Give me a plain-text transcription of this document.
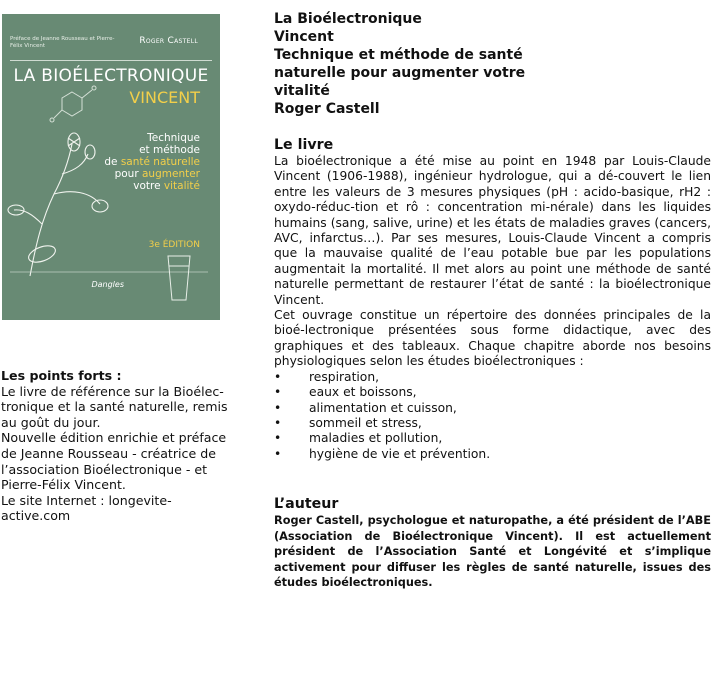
Préface de Jeanne Rousseau et Pierre-Félix Vincent	Roger Castell
LA BIOÉLECTRONIQUE
VINCENT
Technique
et méthode
de santé naturelle
pour augmenter
votre vitalité
3e ÉDITION
Dangles
Les points forts :
Le livre de référence sur la Bioélec-
tronique et la santé naturelle, remis
au goût du jour.
Nouvelle édition enrichie et préface
de Jeanne Rousseau - créatrice de
l’association Bioélectronique - et
Pierre-Félix Vincent.
Le site Internet : longevite-active.com

La Bioélectronique

Vincent

Technique et méthode de santé

naturelle pour augmenter votre

vitalité

Roger Castell

Le livre

La bioélectronique a été mise au point en 1948 par Louis-Claude Vincent (1906-1988), ingénieur hydrologue, qui a dé-couvert le lien entre les valeurs de 3 mesures physiques (pH : acido-basique, rH2 : oxydo-réduc-tion et rô : concentration mi-nérale) dans les liquides humains (sang, salive, urine) et les états de maladies graves (cancers, AVC, infarctus…). Par ses mesures, Louis-Claude Vincent a compris que la mauvaise qualité de l’eau potable bue par les populations augmentait la mortalité. Il met alors au point une méthode de santé naturelle permettant de restaurer l’état de santé : la bioélectronique Vincent.

Cet ouvrage constitue un répertoire des données principales de la bioé-lectronique présentées sous forme didactique, avec des graphiques et des tableaux. Chaque chapitre aborde nos besoins physiologiques selon les études bioélectroniques :

• respiration,
• eaux et boissons,
• alimentation et cuisson,
• sommeil et stress,
• maladies et pollution,
• hygiène de vie et prévention.

L’auteur

Roger Castell, psychologue et naturopathe, a été président de l’ABE (Association de Bioélectronique Vincent). Il est actuellement président de l’Association Santé et Longévité et s’implique activement pour diffuser les règles de santé naturelle, issues des études bioélectroniques.
